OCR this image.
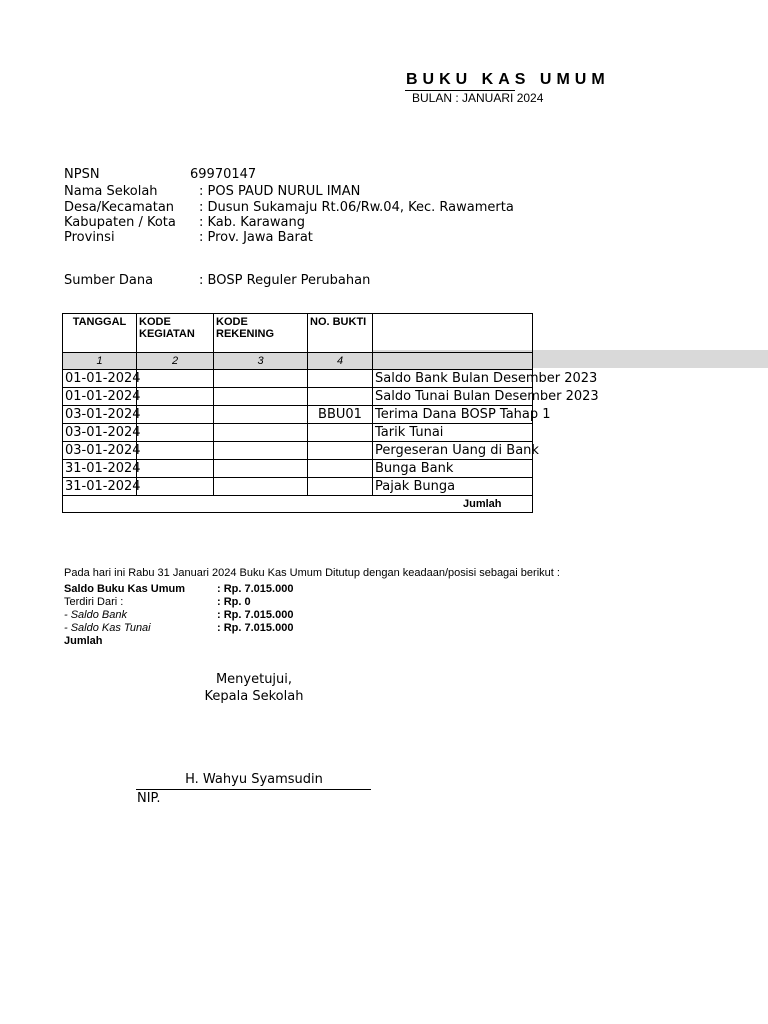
BUKU KAS UMUM
BULAN : JANUARI 2024
NPSN	69970147
Nama Sekolah	: POS PAUD NURUL IMAN
Desa/Kecamatan : Dusun Sukamaju Rt.06/Rw.04, Kec. Rawamerta
Kabupaten / Kota : Kab. Karawang
Provinsi	: Prov. Jawa Barat
Sumber Dana	: BOSP Reguler Perubahan
TANGGAL	KODE KEGIATAN	KODE REKENING	NO. BUKTI	
1	2	3	4	
01-01-2024				Saldo Bank Bulan Desember 2023
01-01-2024				Saldo Tunai Bulan Desember 2023
03-01-2024			BBU01	Terima Dana BOSP Tahap 1
03-01-2024				Tarik Tunai
03-01-2024				Pergeseran Uang di Bank
31-01-2024				Bunga Bank
31-01-2024				Pajak Bunga
Jumlah				
Pada hari ini Rabu 31 Januari 2024 Buku Kas Umum Ditutup dengan keadaan/posisi sebagai berikut :
Saldo Buku Kas Umum	: Rp. 7.015.000
Terdiri Dari :	: Rp. 0
- Saldo Bank	: Rp. 7.015.000
- Saldo Kas Tunai	: Rp. 7.015.000
Jumlah
Menyetujui,
Kepala Sekolah
H. Wahyu Syamsudin
NIP.
